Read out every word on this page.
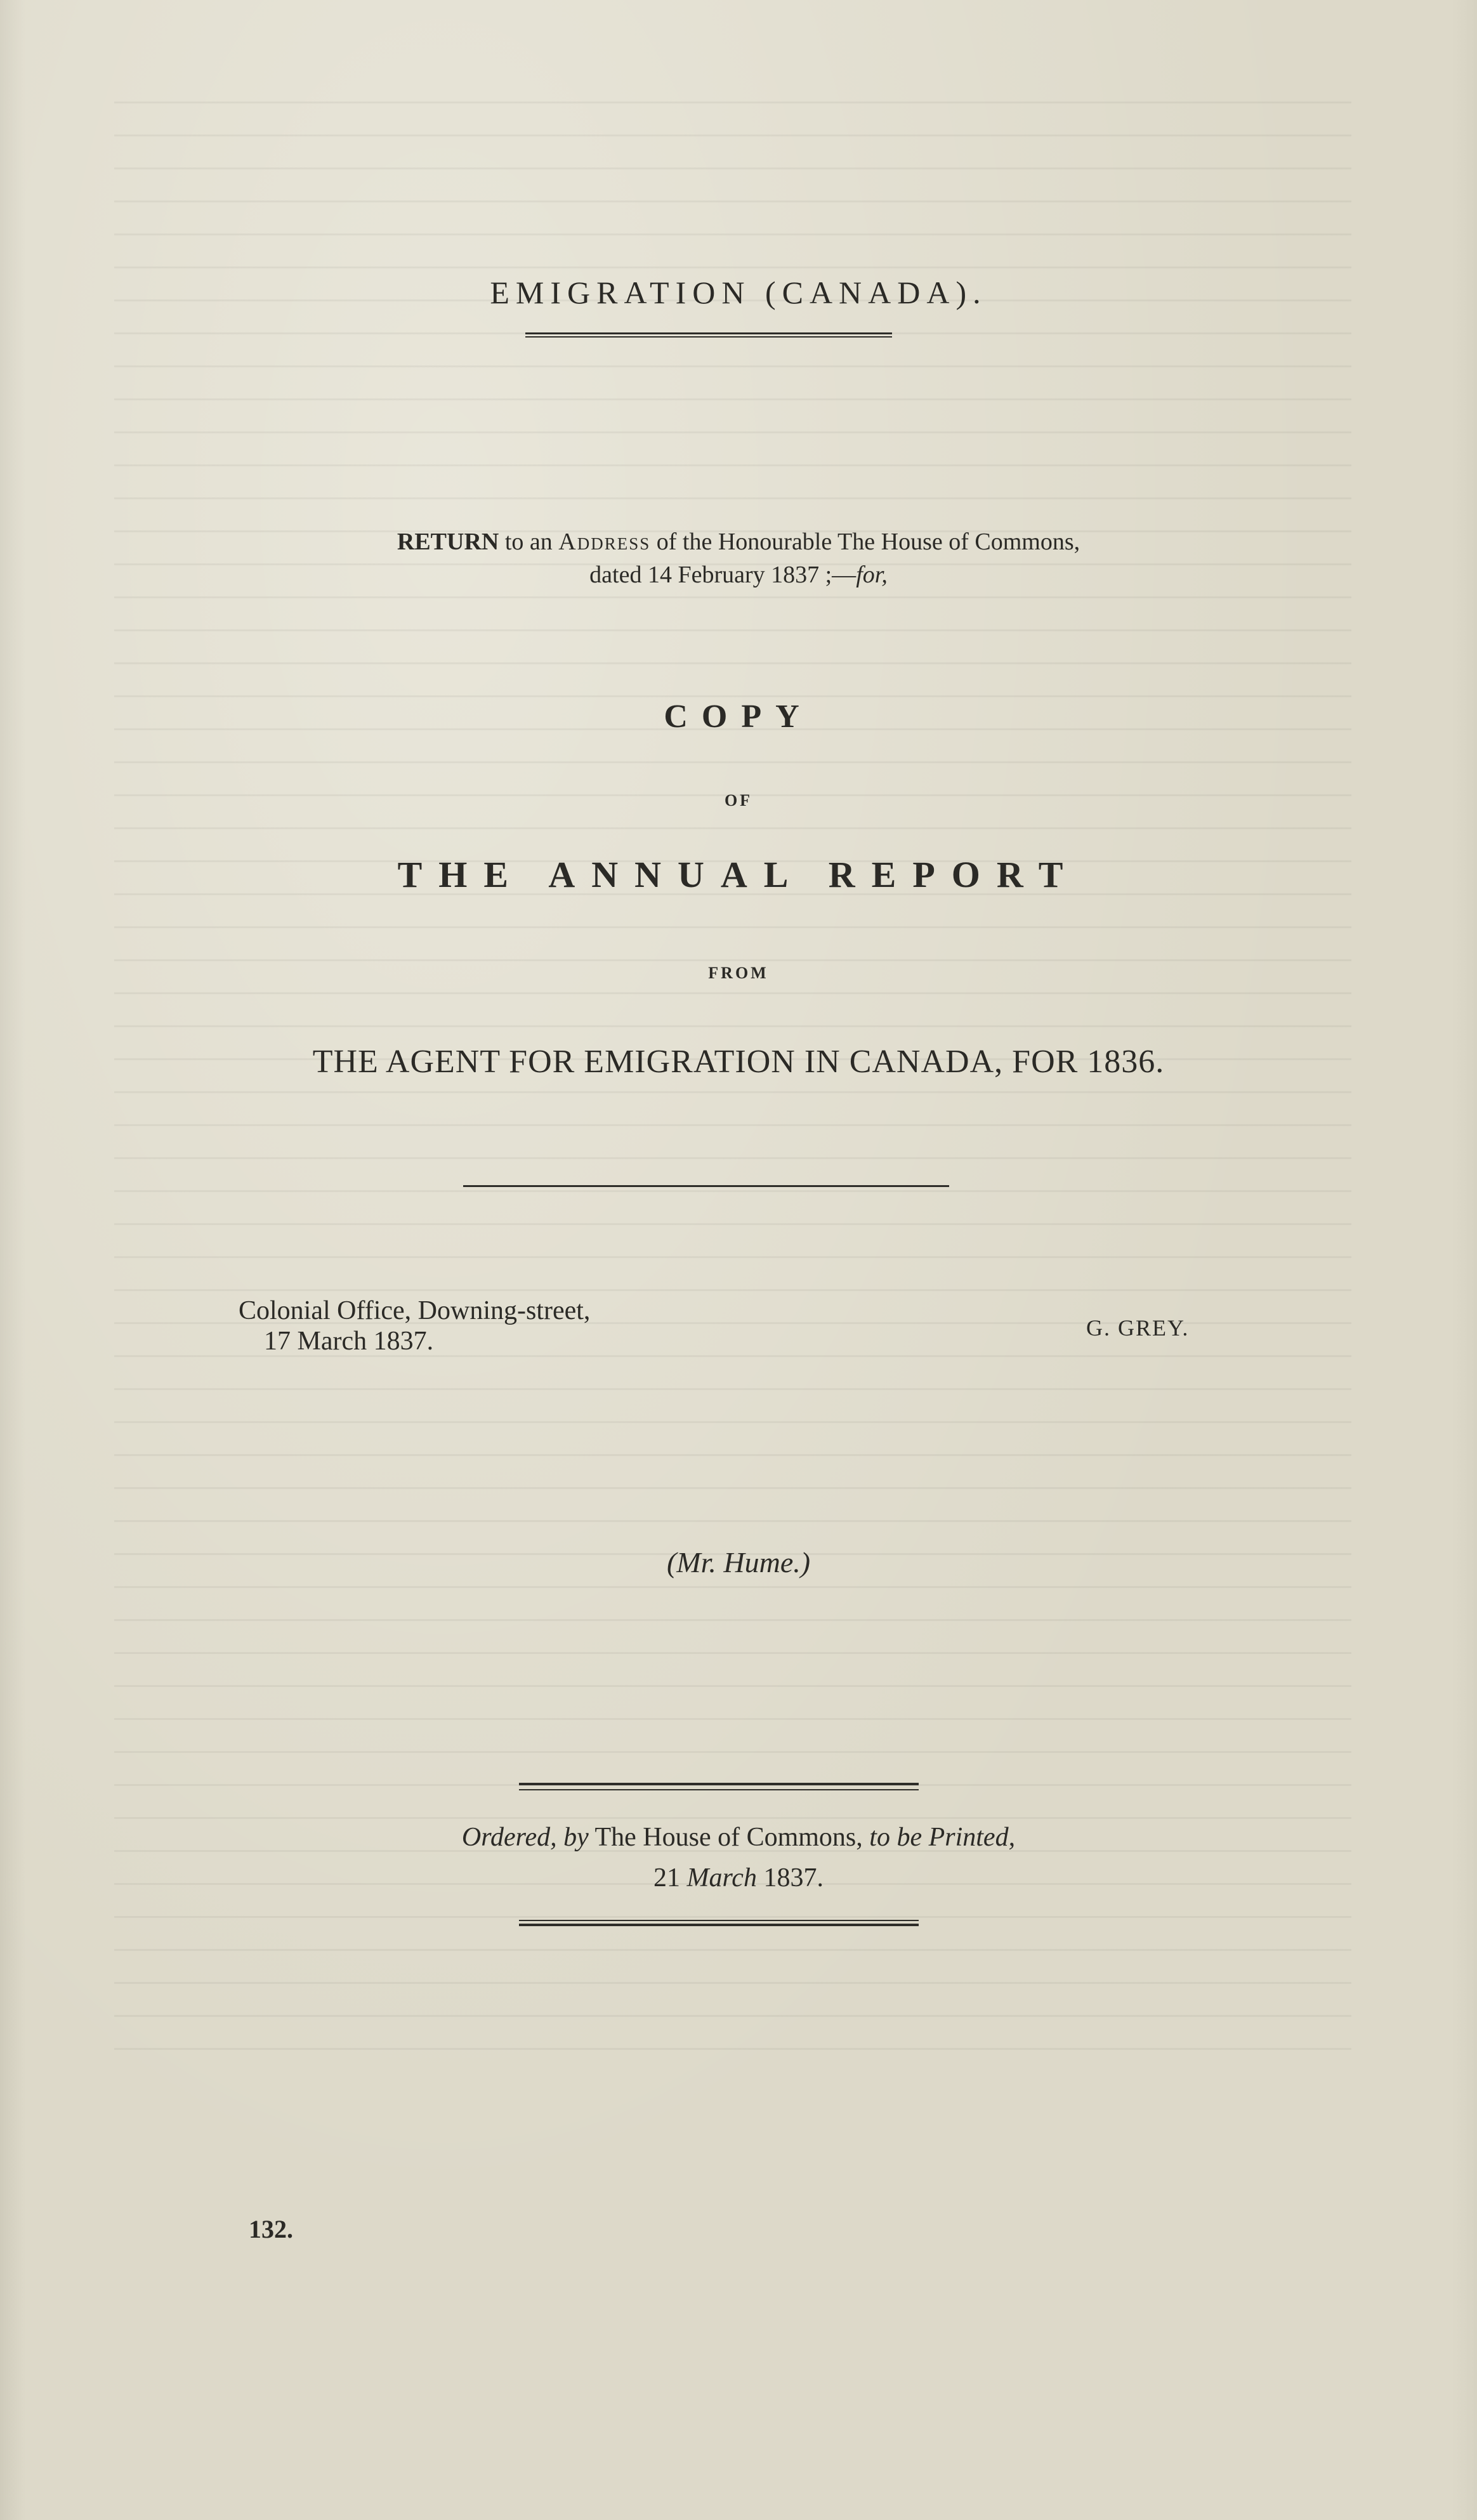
EMIGRATION (CANADA).
RETURN to an Address of the Honourable The House of Commons,
dated 14 February 1837 ;—for,
COPY
OF
THE ANNUAL REPORT
FROM
THE AGENT FOR EMIGRATION IN CANADA, FOR 1836.
Colonial Office, Downing-street,
17 March 1837.	G. GREY.
(Mr. Hume.)
Ordered, by The House of Commons, to be Printed,
21 March 1837.
132.
